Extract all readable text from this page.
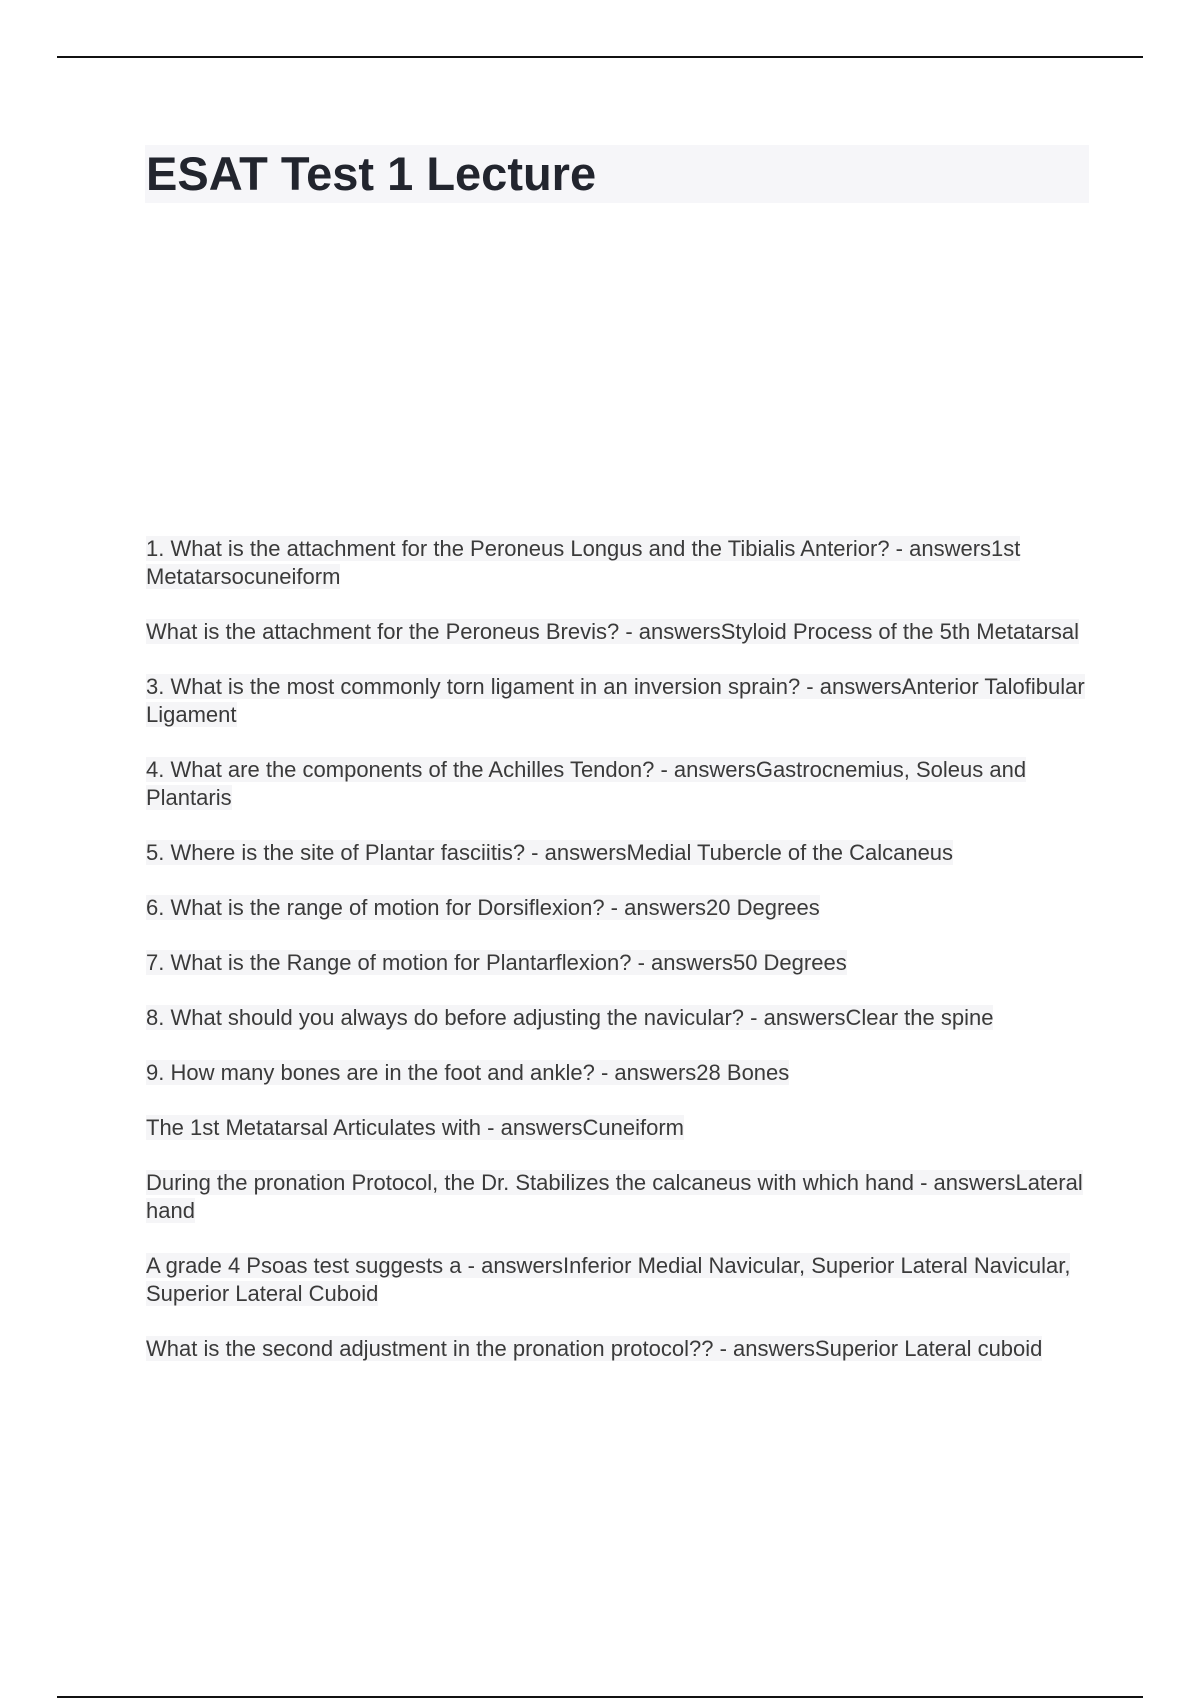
ESAT Test 1 Lecture
1. What is the attachment for the Peroneus Longus and the Tibialis Anterior? - answers1st Metatarsocuneiform
What is the attachment for the Peroneus Brevis? - answersStyloid Process of the 5th Metatarsal
3. What is the most commonly torn ligament in an inversion sprain? - answersAnterior Talofibular Ligament
4. What are the components of the Achilles Tendon? - answersGastrocnemius, Soleus and Plantaris
5. Where is the site of Plantar fasciitis? - answersMedial Tubercle of the Calcaneus
6. What is the range of motion for Dorsiflexion? - answers20 Degrees
7. What is the Range of motion for Plantarflexion? - answers50 Degrees
8. What should you always do before adjusting the navicular? - answersClear the spine
9. How many bones are in the foot and ankle? - answers28 Bones
The 1st Metatarsal Articulates with - answersCuneiform
During the pronation Protocol, the Dr. Stabilizes the calcaneus with which hand - answersLateral hand
A grade 4 Psoas test suggests a - answersInferior Medial Navicular, Superior Lateral Navicular, Superior Lateral Cuboid
What is the second adjustment in the pronation protocol?? - answersSuperior Lateral cuboid
